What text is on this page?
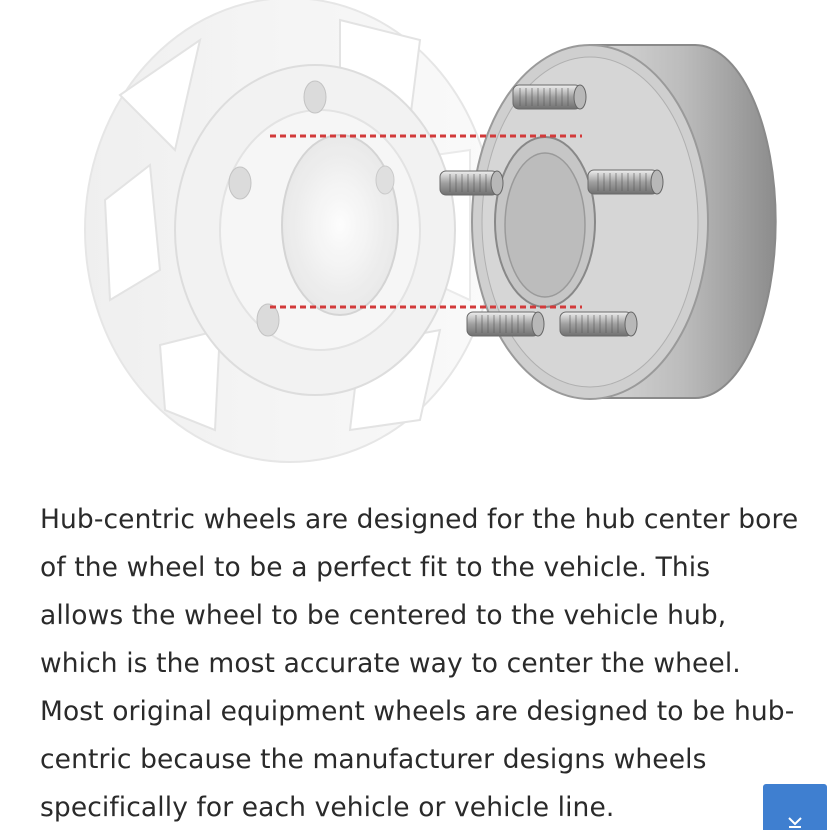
Hub-centric wheels are designed for the hub center bore of the wheel to be a perfect fit to the vehicle. This allows the wheel to be centered to the vehicle hub, which is the most accurate way to center the wheel. Most original equipment wheels are designed to be hub-centric because the manufacturer designs wheels specifically for each vehicle or vehicle line.
